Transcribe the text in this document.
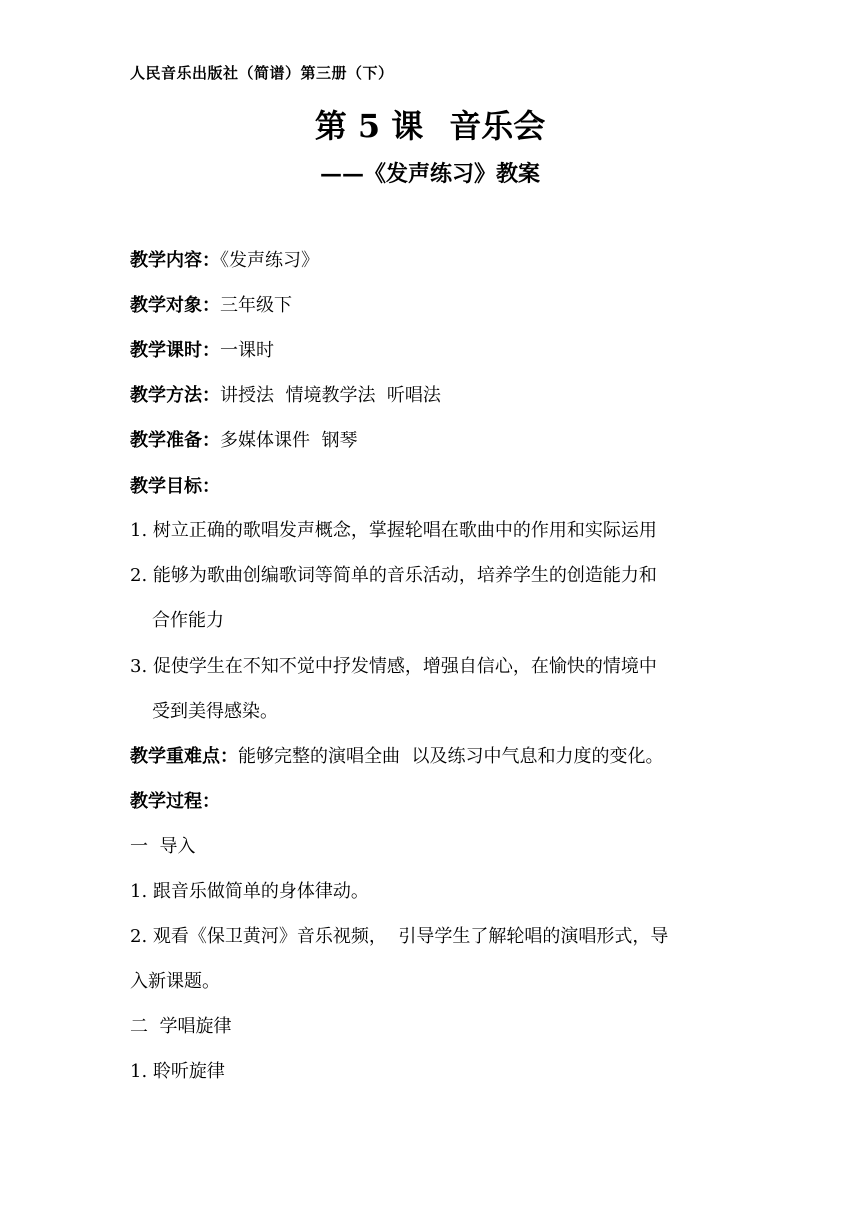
人民音乐出版社（简谱）第三册（下）
第 5 课 音乐会
——《发声练习》教案
教学内容：《发声练习》
教学对象：三年级下
教学课时：一课时
教学方法：讲授法  情境教学法  听唱法
教学准备：多媒体课件  钢琴
教学目标：
1. 树立正确的歌唱发声概念，掌握轮唱在歌曲中的作用和实际运用
2. 能够为歌曲创编歌词等简单的音乐活动，培养学生的创造能力和
合作能力
3. 促使学生在不知不觉中抒发情感，增强自信心，在愉快的情境中
受到美得感染。
教学重难点：能够完整的演唱全曲  以及练习中气息和力度的变化。
教学过程：
一  导入
1. 跟音乐做简单的身体律动。
2. 观看《保卫黄河》音乐视频，  引导学生了解轮唱的演唱形式，导
入新课题。
二  学唱旋律
1. 聆听旋律
